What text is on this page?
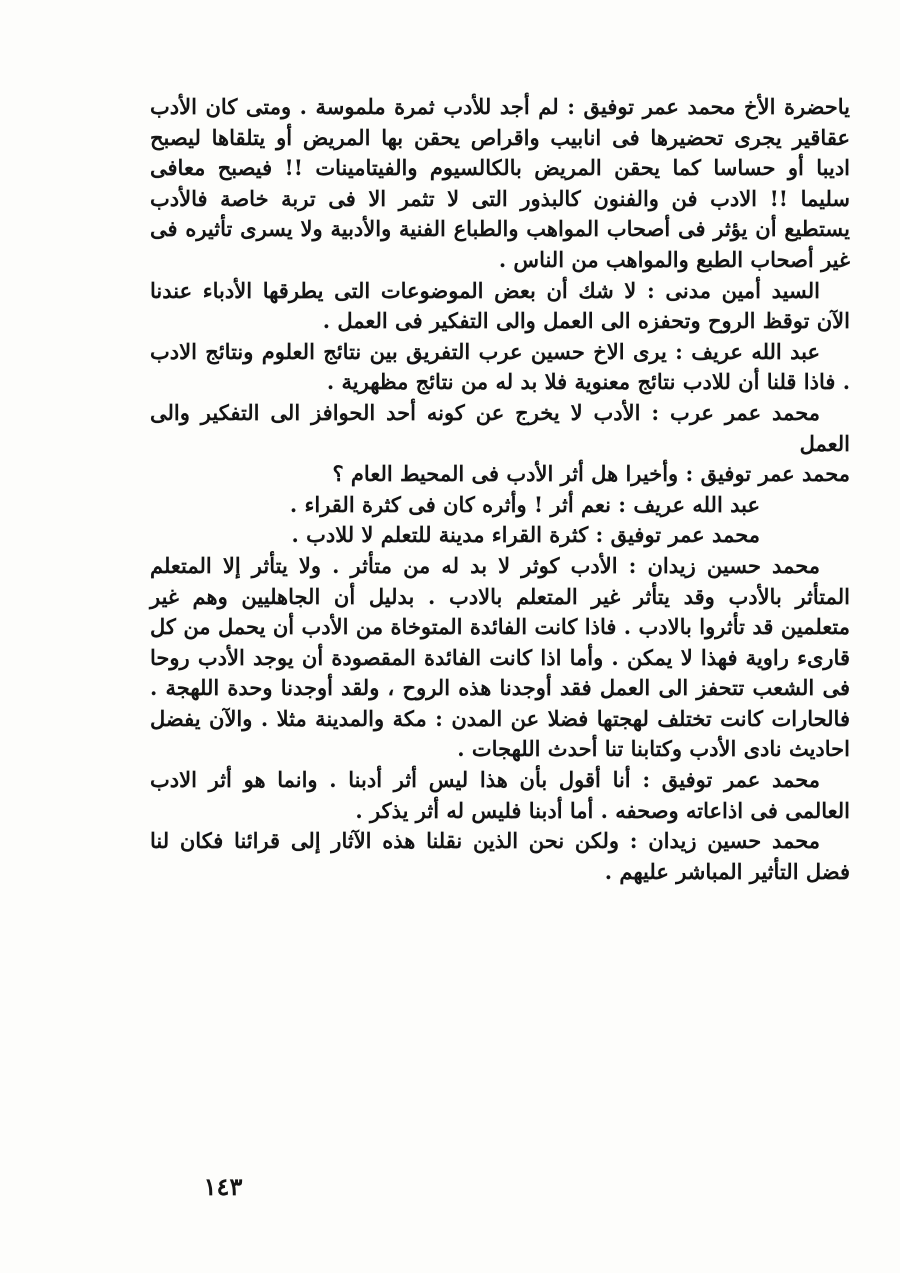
ياحضرة الأخ محمد عمر توفيق : لم أجد للأدب ثمرة ملموسة . ومتى كان الأدب عقاقير يجرى تحضيرها فى انابيب واقراص يحقن بها المريض أو يتلقاها ليصبح اديبا أو حساسا كما يحقن المريض بالكالسيوم والفيتامينات !! فيصبح معافى سليما !! الادب فن والفنون كالبذور التى لا تثمر الا فى تربة خاصة فالأدب يستطيع أن يؤثر فى أصحاب المواهب والطباع الفنية والأدبية ولا يسرى تأثيره فى غير أصحاب الطبع والمواهب من الناس .

السيد أمين مدنى : لا شك أن بعض الموضوعات التى يطرقها الأدباء عندنا الآن توقظ الروح وتحفزه الى العمل والى التفكير فى العمل .

عبد الله عريف : يرى الاخ حسين عرب التفريق بين نتائج العلوم ونتائج الادب . فاذا قلنا أن للادب نتائج معنوية فلا بد له من نتائج مظهرية .

محمد عمر عرب : الأدب لا يخرج عن كونه أحد الحوافز الى التفكير والى العمل

محمد عمر توفيق : وأخيرا هل أثر الأدب فى المحيط العام ؟

عبد الله عريف : نعم أثر ! وأثره كان فى كثرة القراء .

محمد عمر توفيق : كثرة القراء مدينة للتعلم لا للادب .

محمد حسين زيدان : الأدب كوثر لا بد له من متأثر . ولا يتأثر إلا المتعلم المتأثر بالأدب وقد يتأثر غير المتعلم بالادب . بدليل أن الجاهليين وهم غير متعلمين قد تأثروا بالادب . فاذا كانت الفائدة المتوخاة من الأدب أن يحمل من كل قارىء راوية فهذا لا يمكن . وأما اذا كانت الفائدة المقصودة أن يوجد الأدب روحا فى الشعب تتحفز الى العمل فقد أوجدنا هذه الروح ، ولقد أوجدنا وحدة اللهجة . فالحارات كانت تختلف لهجتها فضلا عن المدن : مكة والمدينة مثلا . والآن يفضل احاديث نادى الأدب وكتابنا تنا أحدث اللهجات .

محمد عمر توفيق : أنا أقول بأن هذا ليس أثر أدبنا . وانما هو أثر الادب العالمى فى اذاعاته وصحفه . أما أدبنا فليس له أثر يذكر .

محمد حسين زيدان : ولكن نحن الذين نقلنا هذه الآثار إلى قرائنا فكان لنا فضل التأثير المباشر عليهم .

١٤٣
